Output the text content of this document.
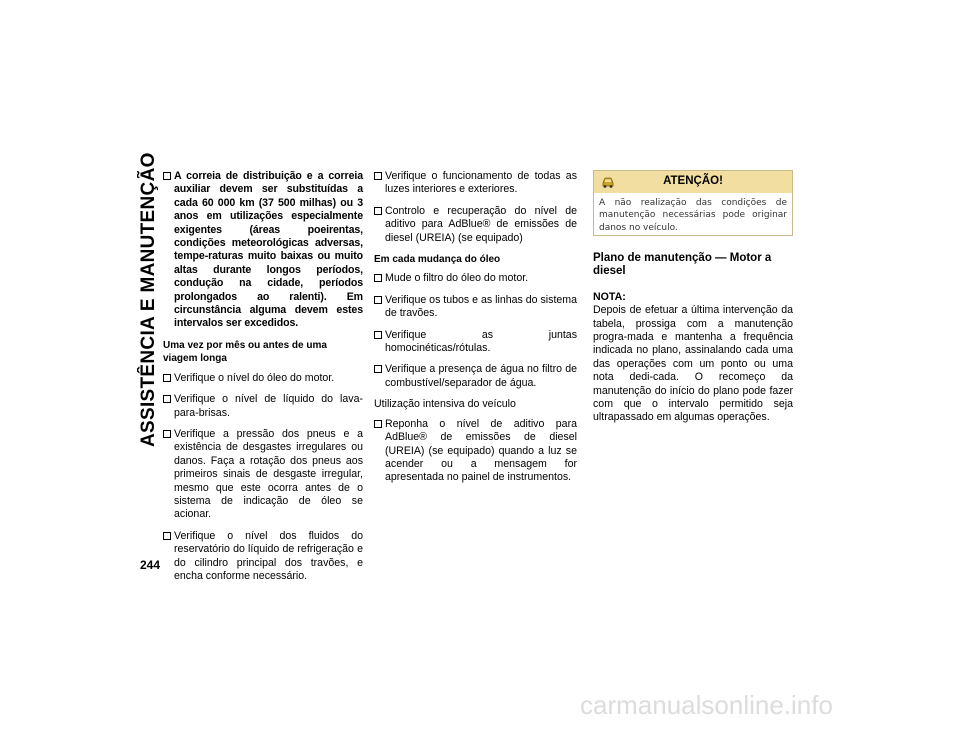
ASSISTÊNCIA E MANUTENÇÃO
244
A correia de distribuição e a correia auxiliar devem ser substituídas a cada 60 000 km (37 500 milhas) ou 3 anos em utilizações especialmente exigentes (áreas poeirentas, condições meteorológicas adversas, tempe-raturas muito baixas ou muito altas durante longos períodos, condução na cidade, períodos prolongados ao ralenti). Em circunstância alguma devem estes intervalos ser excedidos.
Uma vez por mês ou antes de uma viagem longa
Verifique o nível do óleo do motor.
Verifique o nível de líquido do lava-para-brisas.
Verifique a pressão dos pneus e a existência de desgastes irregulares ou danos. Faça a rotação dos pneus aos primeiros sinais de desgaste irregular, mesmo que este ocorra antes de o sistema de indicação de óleo se acionar.
Verifique o nível dos fluidos do reservatório do líquido de refrigeração e do cilindro principal dos travões, e encha conforme necessário.
Verifique o funcionamento de todas as luzes interiores e exteriores.
Controlo e recuperação do nível de aditivo para AdBlue® de emissões de diesel (UREIA) (se equipado)
Em cada mudança do óleo
Mude o filtro do óleo do motor.
Verifique os tubos e as linhas do sistema de travões.
Verifique as juntas homocinéticas/rótulas.
Verifique a presença de água no filtro de combustível/separador de água.
Utilização intensiva do veículo
Reponha o nível de aditivo para AdBlue® de emissões de diesel (UREIA) (se equipado) quando a luz se acender ou a mensagem for apresentada no painel de instrumentos.
ATENÇÃO!
A não realização das condições de manutenção necessárias pode originar danos no veículo.
Plano de manutenção — Motor a diesel
NOTA:
Depois de efetuar a última intervenção da tabela, prossiga com a manutenção progra-mada e mantenha a frequência indicada no plano, assinalando cada uma das operações com um ponto ou uma nota dedi-cada. O recomeço da manutenção do início do plano pode fazer com que o intervalo permitido seja ultrapassado em algumas operações.
carmanualsonline.info
